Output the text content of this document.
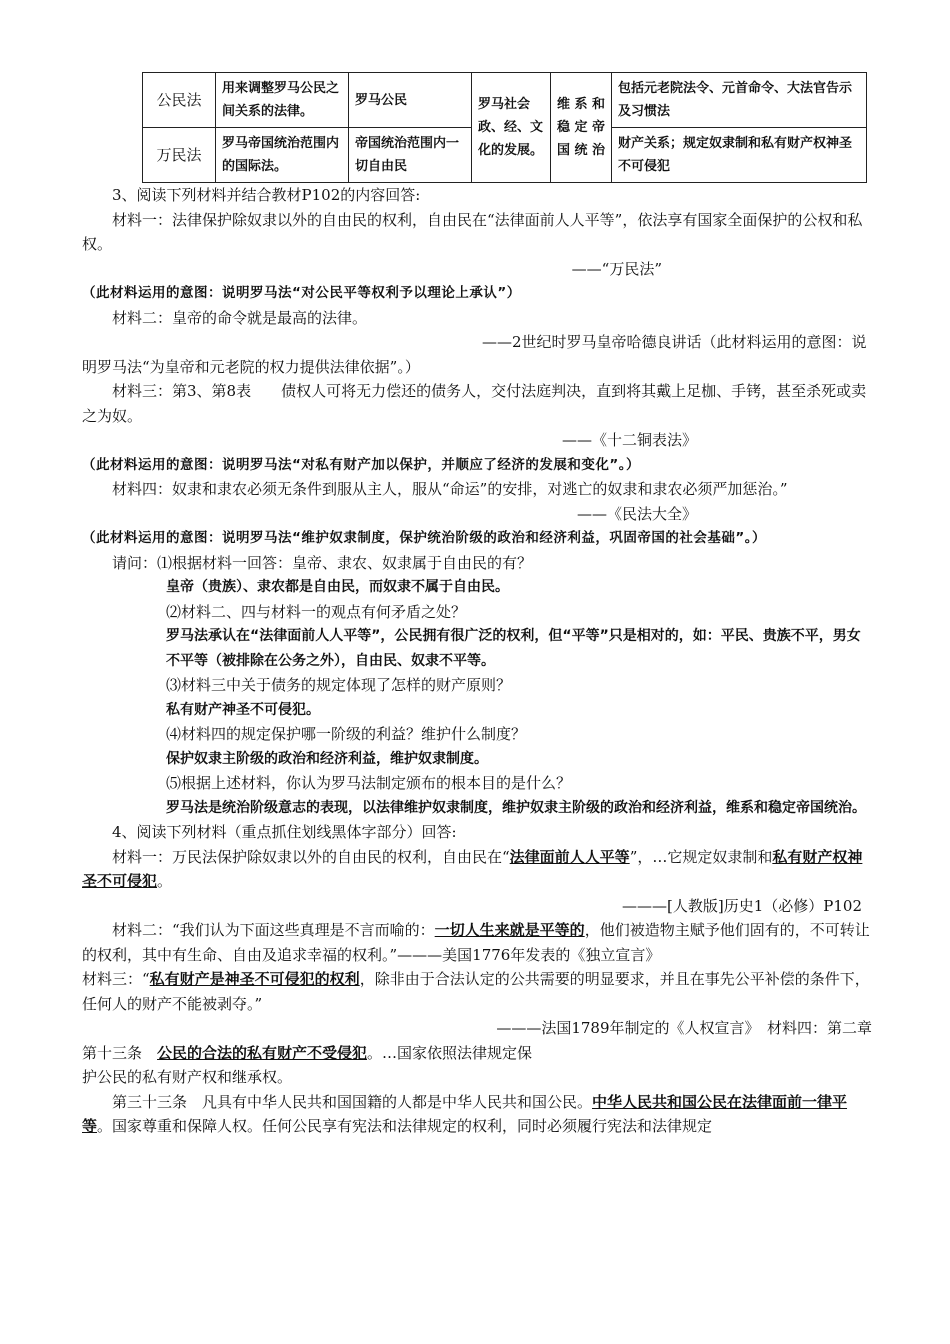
公民法	用来调整罗马公民之间关系的法律。	罗马公民	罗马社会政、经、文化的发展。	维系和稳定帝国统治	包括元老院法令、元首命令、大法官告示及习惯法
万民法	罗马帝国统治范围内的国际法。	帝国统治范围内一切自由民			财产关系；规定奴隶制和私有财产权神圣不可侵犯

3、阅读下列材料并结合教材P102的内容回答:

材料一：法律保护除奴隶以外的自由民的权利，自由民在“法律面前人人平等”，依法享有国家全面保护的公权和私权。

——“万民法”

（此材料运用的意图：说明罗马法“对公民平等权利予以理论上承认”）

材料二：皇帝的命令就是最高的法律。

——2世纪时罗马皇帝哈德良讲话（此材料运用的意图：说明罗马法“为皇帝和元老院的权力提供法律依据”。）

材料三：第3、第8表　　债权人可将无力偿还的债务人，交付法庭判决，直到将其戴上足枷、手铐，甚至杀死或卖之为奴。

——《十二铜表法》

（此材料运用的意图：说明罗马法“对私有财产加以保护，并顺应了经济的发展和变化”。）

材料四：奴隶和隶农必须无条件到服从主人，服从“命运”的安排，对逃亡的奴隶和隶农必须严加惩治。”

——《民法大全》

（此材料运用的意图：说明罗马法“维护奴隶制度，保护统治阶级的政治和经济利益，巩固帝国的社会基础”。）

请问：⑴根据材料一回答：皇帝、隶农、奴隶属于自由民的有？

皇帝（贵族）、隶农都是自由民，而奴隶不属于自由民。

⑵材料二、四与材料一的观点有何矛盾之处？

罗马法承认在“法律面前人人平等”，公民拥有很广泛的权利，但“平等”只是相对的，如：平民、贵族不平，男女不平等（被排除在公务之外），自由民、奴隶不平等。

⑶材料三中关于债务的规定体现了怎样的财产原则？

私有财产神圣不可侵犯。

⑷材料四的规定保护哪一阶级的利益？维护什么制度？

保护奴隶主阶级的政治和经济利益，维护奴隶制度。

⑸根据上述材料，你认为罗马法制定颁布的根本目的是什么？

罗马法是统治阶级意志的表现，以法律维护奴隶制度，维护奴隶主阶级的政治和经济利益，维系和稳定帝国统治。

4、阅读下列材料（重点抓住划线黑体字部分）回答:

材料一：万民法保护除奴隶以外的自由民的权利，自由民在“法律面前人人平等”，…它规定奴隶制和私有财产权神圣不可侵犯。

———[人教版]历史1（必修）P102

材料二：“我们认为下面这些真理是不言而喻的：一切人生来就是平等的，他们被造物主赋予他们固有的，不可转让的权利，其中有生命、自由及追求幸福的权利。”———美国1776年发表的《独立宣言》

材料三：“私有财产是神圣不可侵犯的权利，除非由于合法认定的公共需要的明显要求，并且在事先公平补偿的条件下，任何人的财产不能被剥夺。”

———法国1789年制定的《人权宣言》　材料四：第二章

第十三条　公民的合法的私有财产不受侵犯。…国家依照法律规定保

护公民的私有财产权和继承权。

第三十三条　凡具有中华人民共和国国籍的人都是中华人民共和国公民。中华人民共和国公民在法律面前一律平等。国家尊重和保障人权。任何公民享有宪法和法律规定的权利，同时必须履行宪法和法律规定
